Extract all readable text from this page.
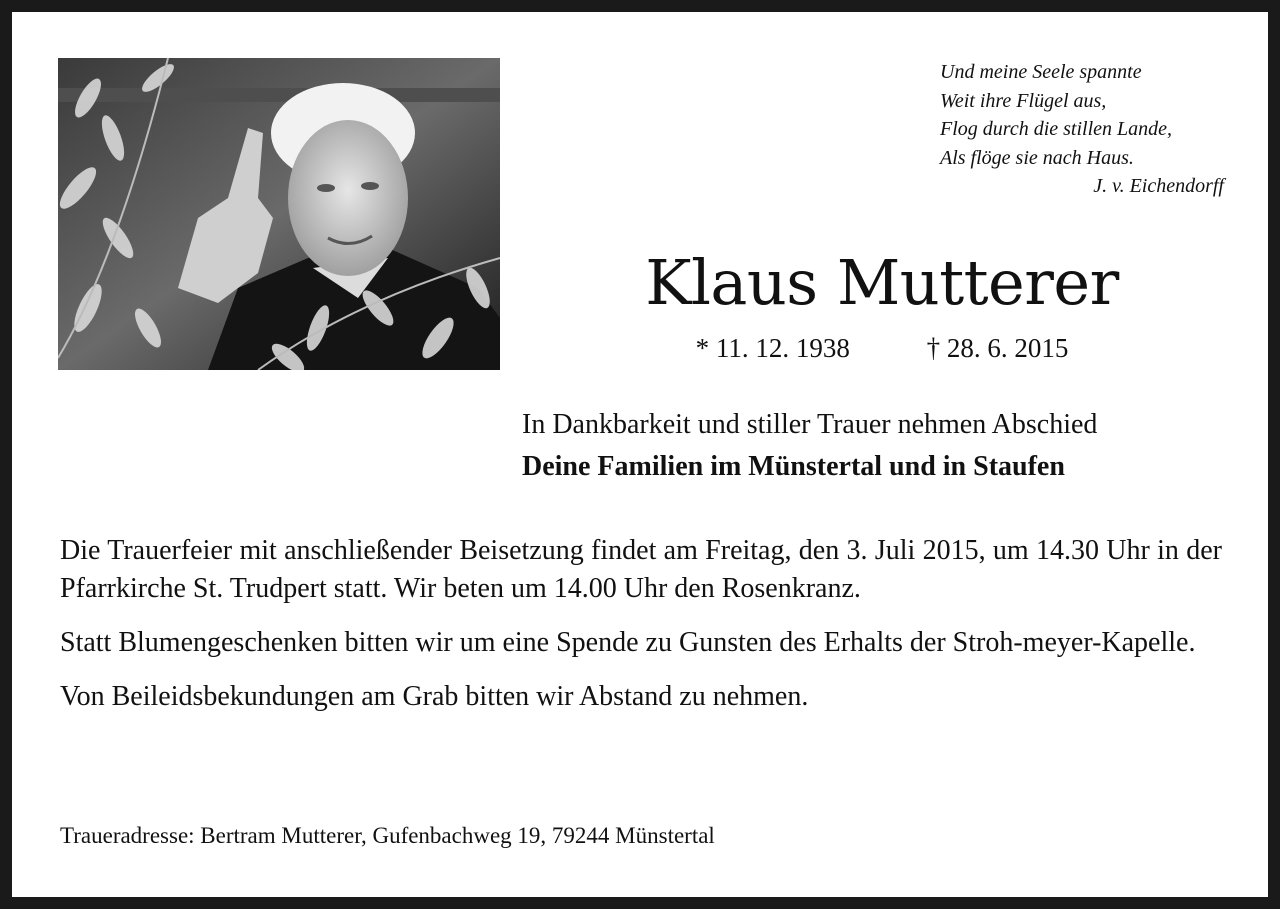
Und meine Seele spannte
Weit ihre Flügel aus,
Flog durch die stillen Lande,
Als flöge sie nach Haus.
J. v. Eichendorff
Klaus Mutterer
* 11. 12. 1938	† 28. 6. 2015
In Dankbarkeit und stiller Trauer nehmen Abschied
Deine Familien im Münstertal und in Staufen

Die Trauerfeier mit anschließender Beisetzung findet am Freitag, den 3. Juli 2015, um 14.30 Uhr in der Pfarrkirche St. Trudpert statt. Wir beten um 14.00 Uhr den Rosenkranz.

Statt Blumengeschenken bitten wir um eine Spende zu Gunsten des Erhalts der Stroh-meyer-Kapelle.

Von Beileidsbekundungen am Grab bitten wir Abstand zu nehmen.

Traueradresse: Bertram Mutterer, Gufenbachweg 19, 79244 Münstertal
